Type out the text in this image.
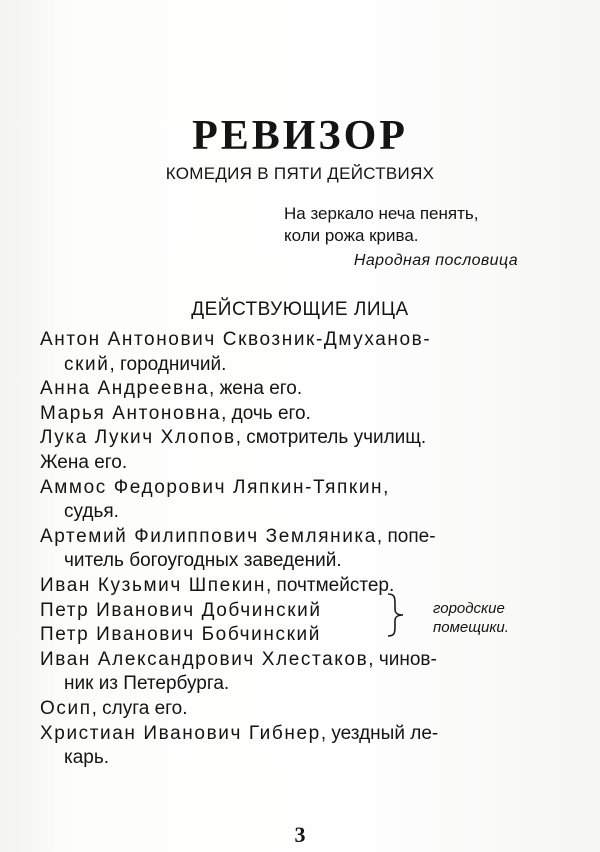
РЕВИЗОР
КОМЕДИЯ В ПЯТИ ДЕЙСТВИЯХ
На зеркало неча пенять,
коли рожа крива.
Народная пословица
ДЕЙСТВУЮЩИЕ ЛИЦА
Антон Антонович Сквозник-Дмуханов-
ский, городничий.
Анна Андреевна, жена его.
Марья Антоновна, дочь его.
Лука Лукич Хлопов, смотритель училищ.
Жена его.
Аммос Федорович Ляпкин-Тяпкин,
судья.
Артемий Филиппович Земляника, попе-
читель богоугодных заведений.
Иван Кузьмич Шпекин, почтмейстер.
Петр Иванович Добчинский
Петр Иванович Бобчинский
Иван Александрович Хлестаков, чинов-
ник из Петербурга.
Осип, слуга его.
Христиан Иванович Гибнер, уездный ле-
карь.
городские
помещики.
3
